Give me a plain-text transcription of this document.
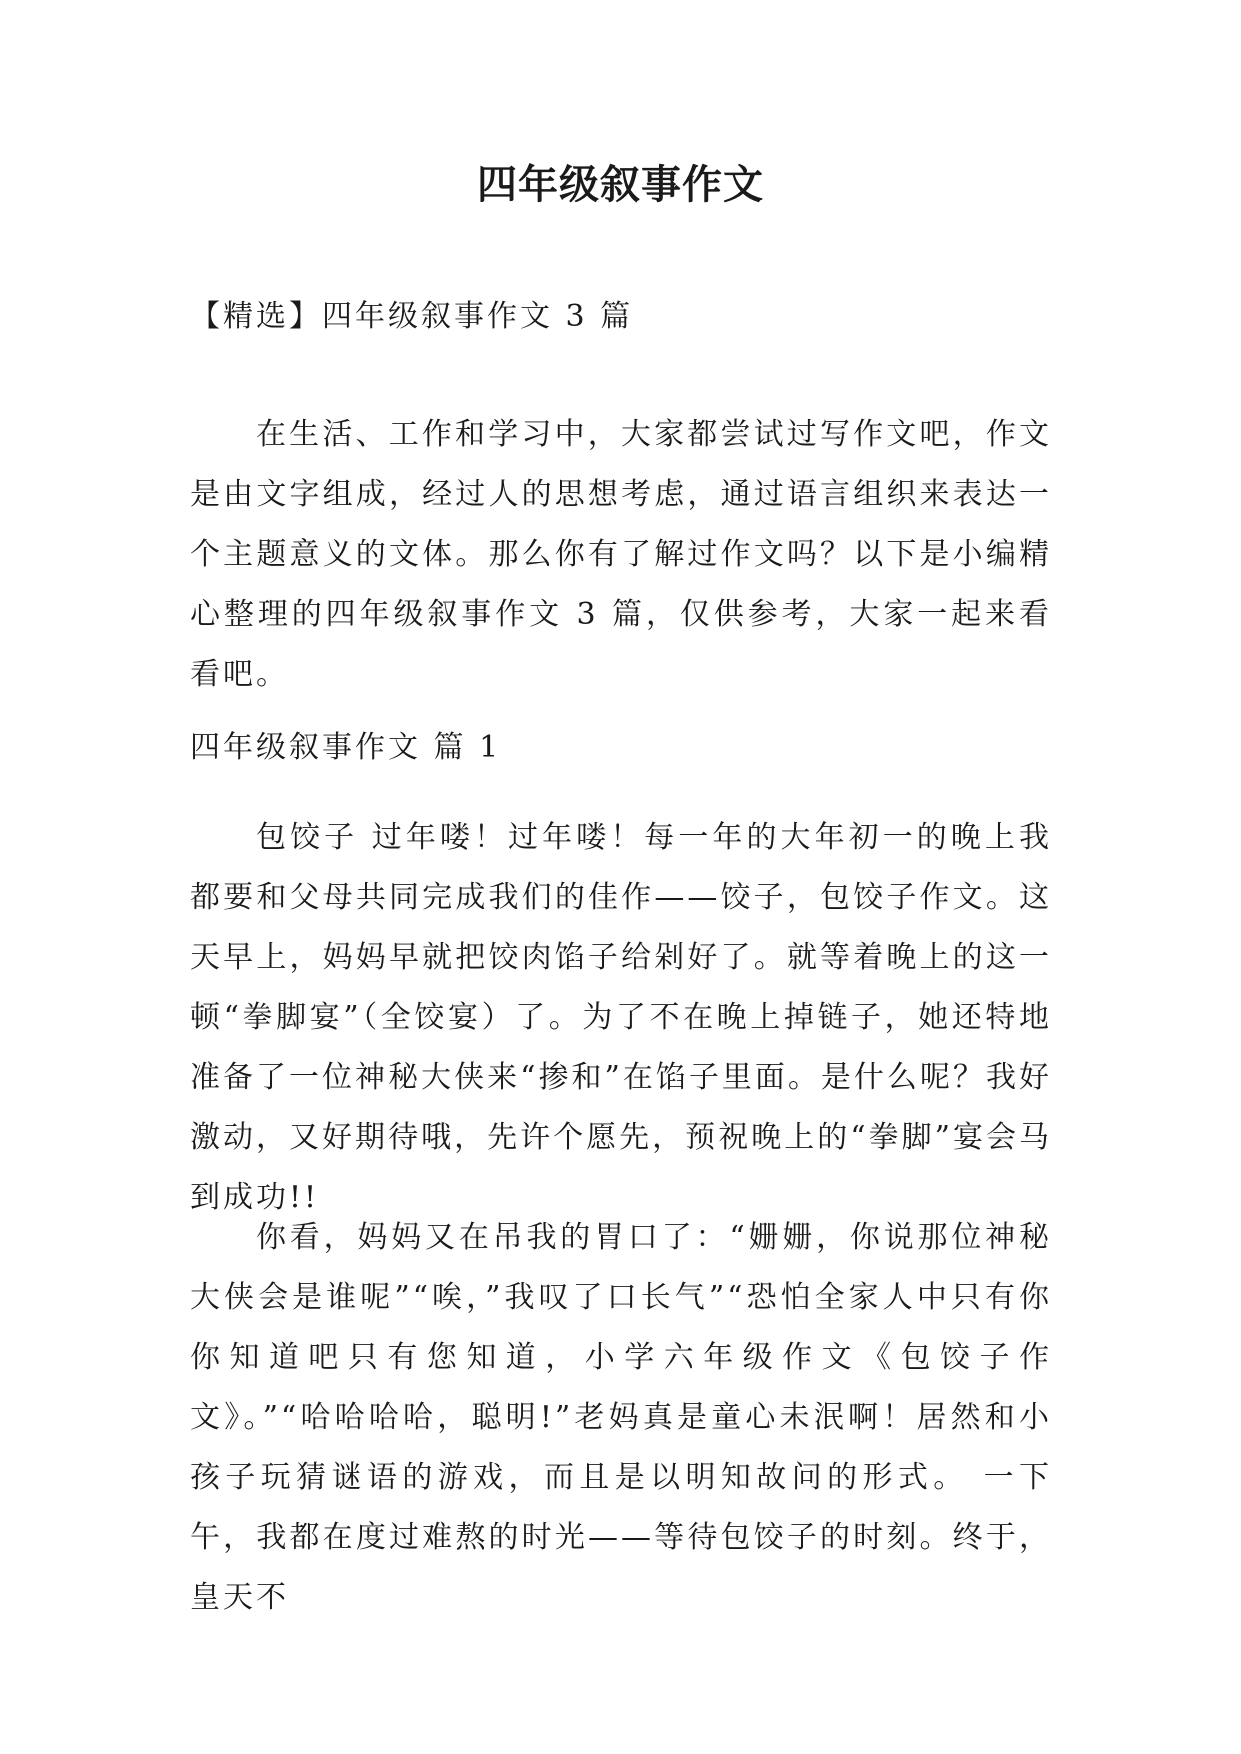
四年级叙事作文

【精选】四年级叙事作文 3 篇

在生活、工作和学习中，大家都尝试过写作文吧，作文是由文字组成，经过人的思想考虑，通过语言组织来表达一个主题意义的文体。那么你有了解过作文吗？以下是小编精心整理的四年级叙事作文 3 篇，仅供参考，大家一起来看看吧。

四年级叙事作文 篇 1

包饺子 过年喽！过年喽！每一年的大年初一的晚上我都要和父母共同完成我们的佳作——饺子，包饺子作文。这天早上，妈妈早就把饺肉馅子给剁好了。就等着晚上的这一顿“拳脚宴”（全饺宴）了。为了不在晚上掉链子，她还特地准备了一位神秘大侠来“掺和”在馅子里面。是什么呢？我好激动，又好期待哦，先许个愿先，预祝晚上的“拳脚”宴会马到成功!!

你看，妈妈又在吊我的胃口了：“姗姗，你说那位神秘大侠会是谁呢”“唉，”我叹了口长气”“恐怕全家人中只有你你知道吧只有您知道，小学六年级作文《包饺子作文》。”“哈哈哈哈，聪明!”老妈真是童心未泯啊！居然和小孩子玩猜谜语的游戏，而且是以明知故问的形式。 一下午，我都在度过难熬的时光——等待包饺子的时刻。终于，皇天不
